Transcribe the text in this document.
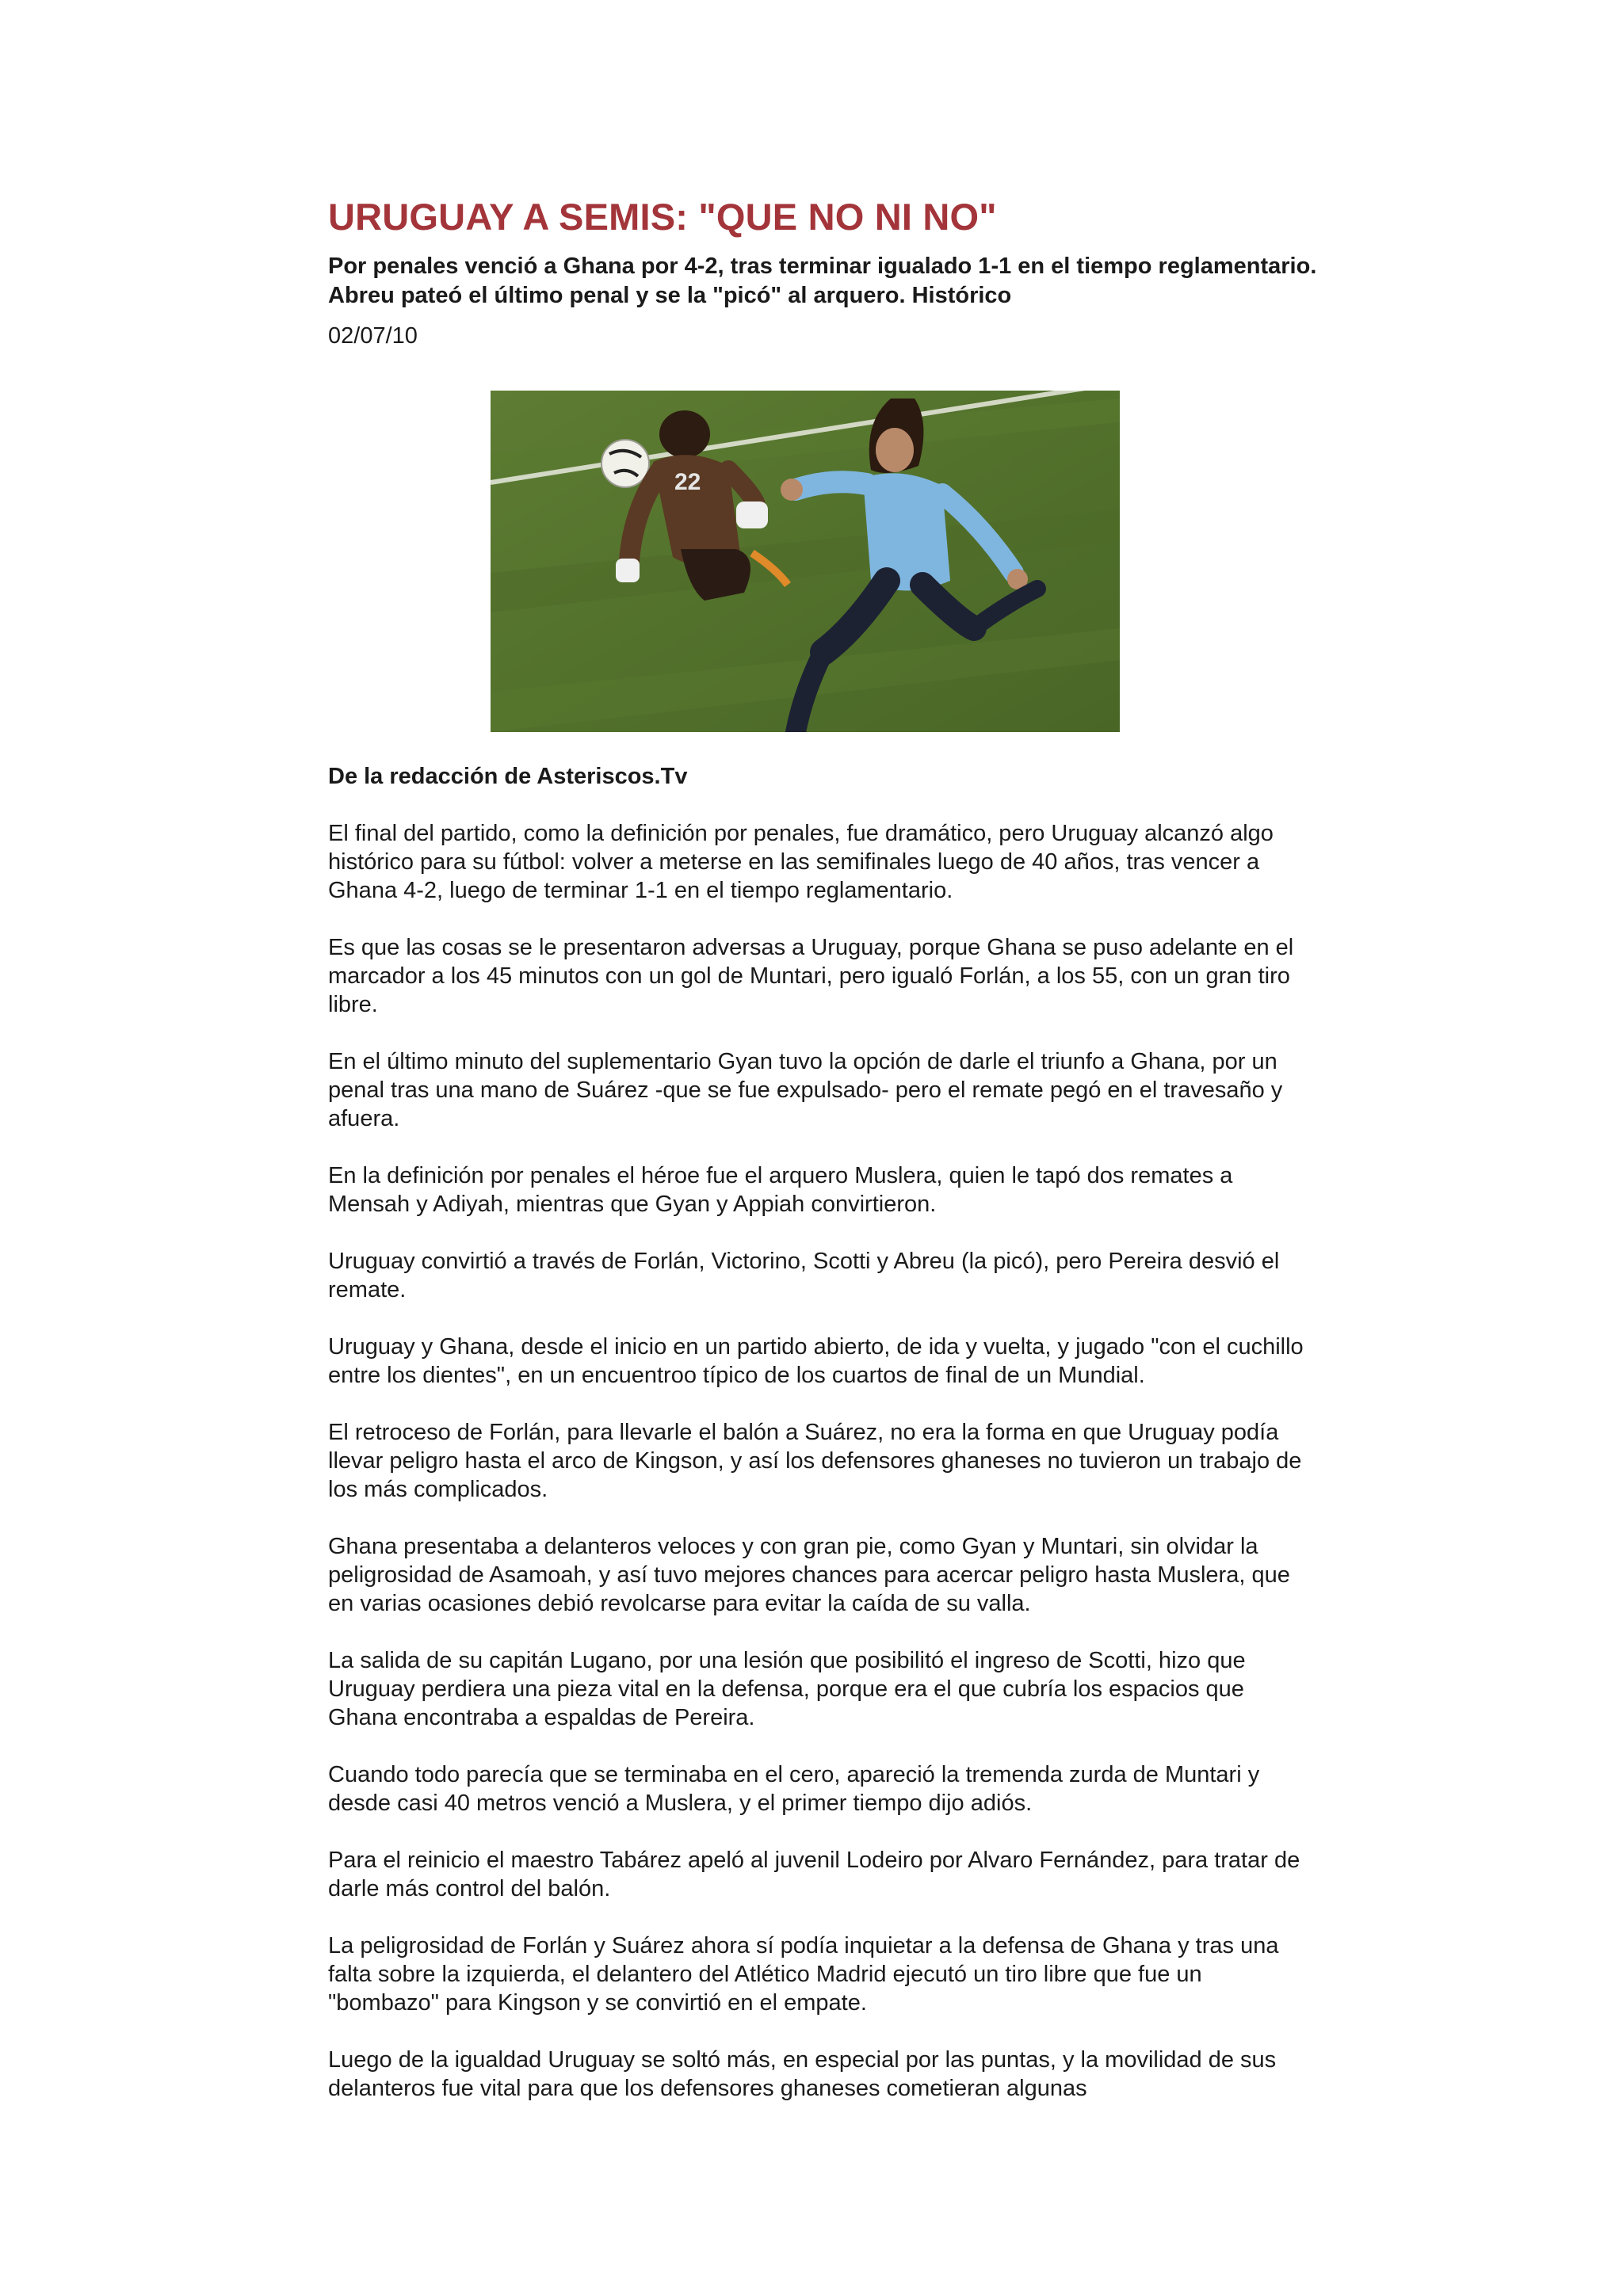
URUGUAY A SEMIS: "QUE NO NI NO"

Por penales venció a Ghana por 4-2, tras terminar igualado 1-1 en el tiempo reglamentario. Abreu pateó el último penal y se la "picó" al arquero. Histórico

02/07/10

22

De la redacción de Asteriscos.Tv

El final del partido, como la definición por penales, fue dramático, pero Uruguay alcanzó algo histórico para su fútbol: volver a meterse en las semifinales luego de 40 años, tras vencer a Ghana 4-2, luego de terminar 1-1 en el tiempo reglamentario.

Es que las cosas se le presentaron adversas a Uruguay, porque Ghana se puso adelante en el marcador a los 45 minutos con un gol de Muntari, pero igualó Forlán, a los 55, con un gran tiro libre.

En el último minuto del suplementario Gyan tuvo la opción de darle el triunfo a Ghana, por un penal tras una mano de Suárez -que se fue expulsado- pero el remate pegó en el travesaño y afuera.

En la definición por penales el héroe fue el arquero Muslera, quien le tapó dos remates a Mensah y Adiyah, mientras que Gyan y Appiah convirtieron.

Uruguay convirtió a través de Forlán, Victorino, Scotti y Abreu (la picó), pero Pereira desvió el remate.

Uruguay y Ghana, desde el inicio en un partido abierto, de ida y vuelta, y jugado "con el cuchillo entre los dientes", en un encuentroo típico de los cuartos de final de un Mundial.

El retroceso de Forlán, para llevarle el balón a Suárez, no era la forma en que Uruguay podía llevar peligro hasta el arco de Kingson, y así los defensores ghaneses no tuvieron un trabajo de los más complicados.

Ghana presentaba a delanteros veloces y con gran pie, como Gyan y Muntari, sin olvidar la peligrosidad de Asamoah, y así tuvo mejores chances para acercar peligro hasta Muslera, que en varias ocasiones debió revolcarse para evitar la caída de su valla.

La salida de su capitán Lugano, por una lesión que posibilitó el ingreso de Scotti, hizo que Uruguay perdiera una pieza vital en la defensa, porque era el que cubría los espacios que Ghana encontraba a espaldas de Pereira.

Cuando todo parecía que se terminaba en el cero, apareció la tremenda zurda de Muntari y desde casi 40 metros venció a Muslera, y el primer tiempo dijo adiós.

Para el reinicio el maestro Tabárez apeló al juvenil Lodeiro por Alvaro Fernández, para tratar de darle más control del balón.

La peligrosidad de Forlán y Suárez ahora sí podía inquietar a la defensa de Ghana y tras una falta sobre la izquierda, el delantero del Atlético Madrid ejecutó un tiro libre que fue un "bombazo" para Kingson y se convirtió en el empate.

Luego de la igualdad Uruguay se soltó más, en especial por las puntas, y la movilidad de sus delanteros fue vital para que los defensores ghaneses cometieran algunas
